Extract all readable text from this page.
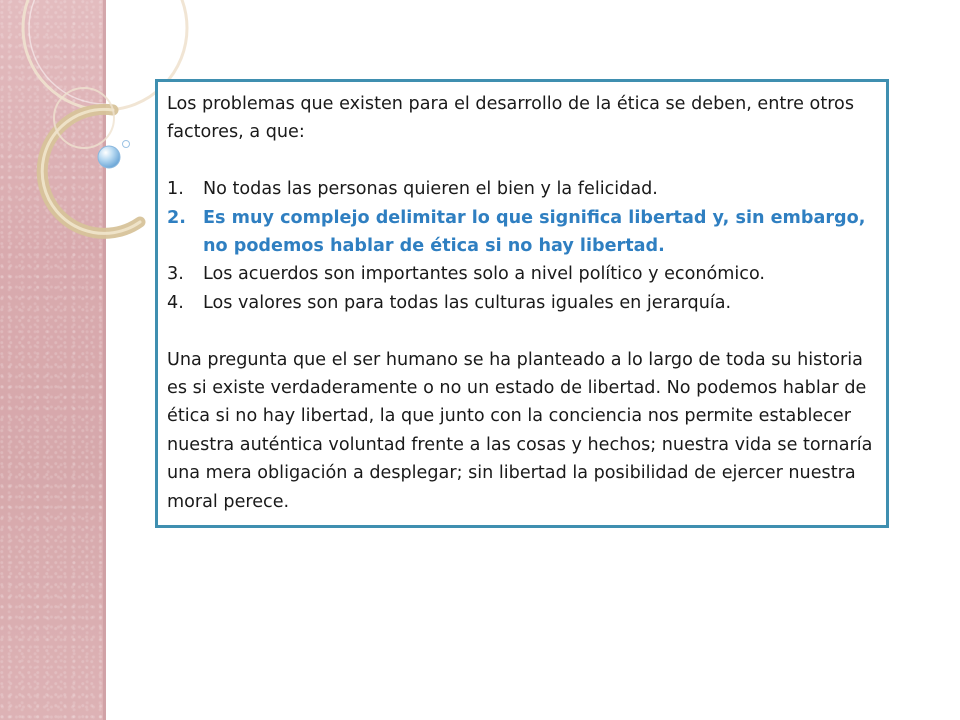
Los problemas que existen para el desarrollo de la ética se deben, entre otros factores, a que:

1.	No todas las personas quieren el bien y la felicidad.
2. Es muy complejo delimitar lo que significa libertad y, sin embargo, no podemos hablar de ética si no hay libertad.
3.	Los acuerdos son importantes solo a nivel político y económico.
4.	Los valores son para todas las culturas iguales en jerarquía.

Una pregunta que el ser humano se ha planteado a lo largo de toda su historia es si existe verdaderamente o no un estado de libertad. No podemos hablar de ética si no hay libertad, la que junto con la conciencia nos permite establecer nuestra auténtica voluntad frente a las cosas y hechos; nuestra vida se tornaría una mera obligación a desplegar; sin libertad la posibilidad de ejercer nuestra moral perece.
